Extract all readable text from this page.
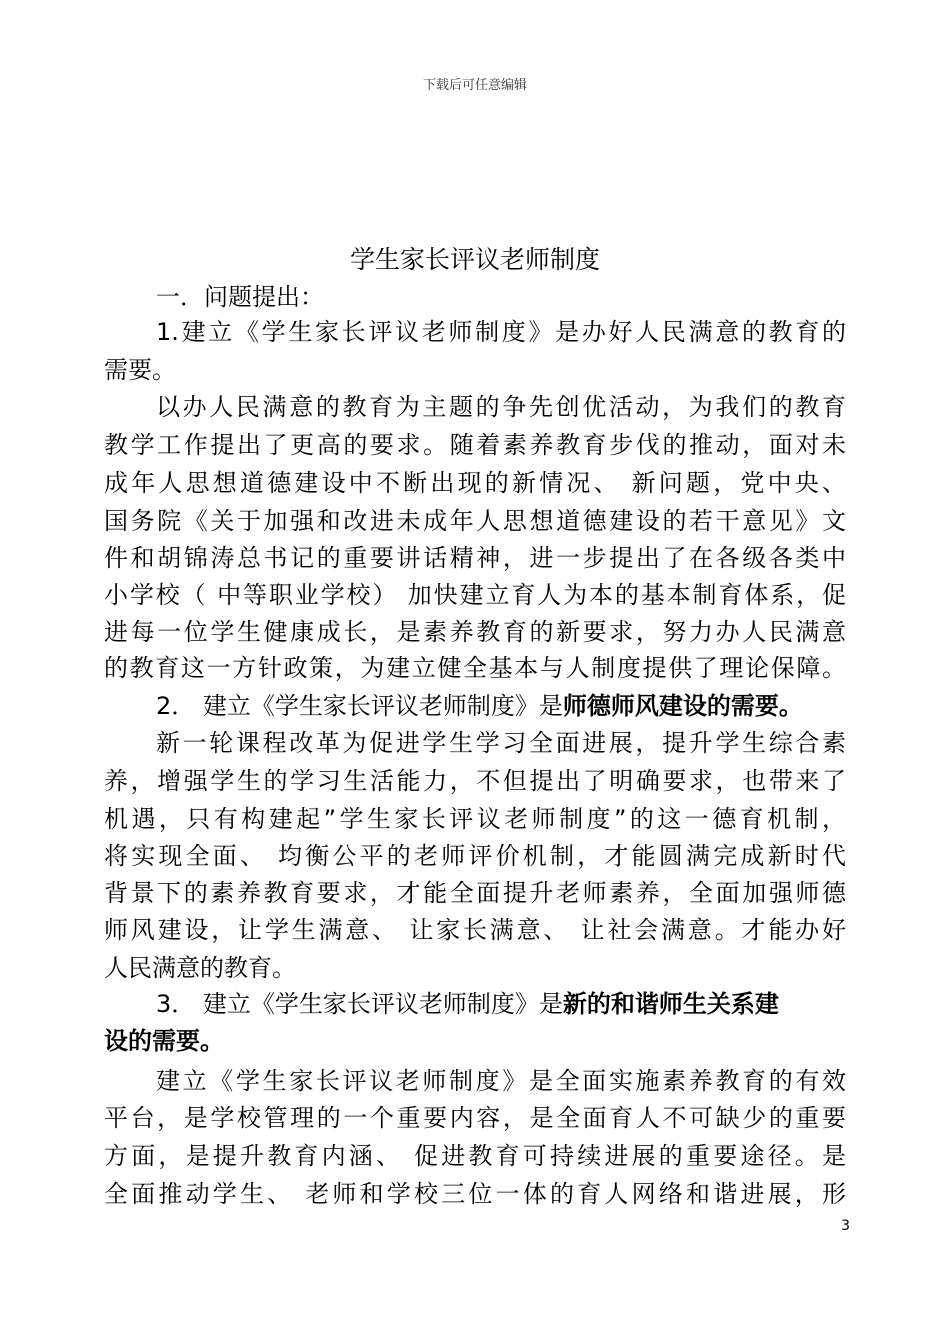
下载后可任意编辑
学生家长评议老师制度
一．问题提出：
1.建立《学生家长评议老师制度》是办好人民满意的教育的
需要。
以办人民满意的教育为主题的争先创优活动，为我们的教育
教学工作提出了更高的要求。随着素养教育步伐的推动，面对未
成年人思想道德建设中不断出现的新情况、 新问题，党中央、
国务院《关于加强和改进未成年人思想道德建设的若干意见》文
件和胡锦涛总书记的重要讲话精神，进一步提出了在各级各类中
小学校（ 中等职业学校） 加快建立育人为本的基本制育体系，促
进每一位学生健康成长，是素养教育的新要求，努力办人民满意
的教育这一方针政策，为建立健全基本与人制度提供了理论保障。
2． 建立《学生家长评议老师制度》是师德师风建设的需要。
新一轮课程改革为促进学生学习全面进展，提升学生综合素
养，增强学生的学习生活能力，不但提出了明确要求，也带来了
机遇，只有构建起”学生家长评议老师制度”的这一德育机制，
将实现全面、 均衡公平的老师评价机制，才能圆满完成新时代
背景下的素养教育要求，才能全面提升老师素养，全面加强师德
师风建设，让学生满意、 让家长满意、 让社会满意。才能办好
人民满意的教育。
3． 建立《学生家长评议老师制度》是新的和谐师生关系建
设的需要。
建立《学生家长评议老师制度》是全面实施素养教育的有效
平台，是学校管理的一个重要内容，是全面育人不可缺少的重要
方面，是提升教育内涵、 促进教育可持续进展的重要途径。是
全面推动学生、 老师和学校三位一体的育人网络和谐进展，形
3
